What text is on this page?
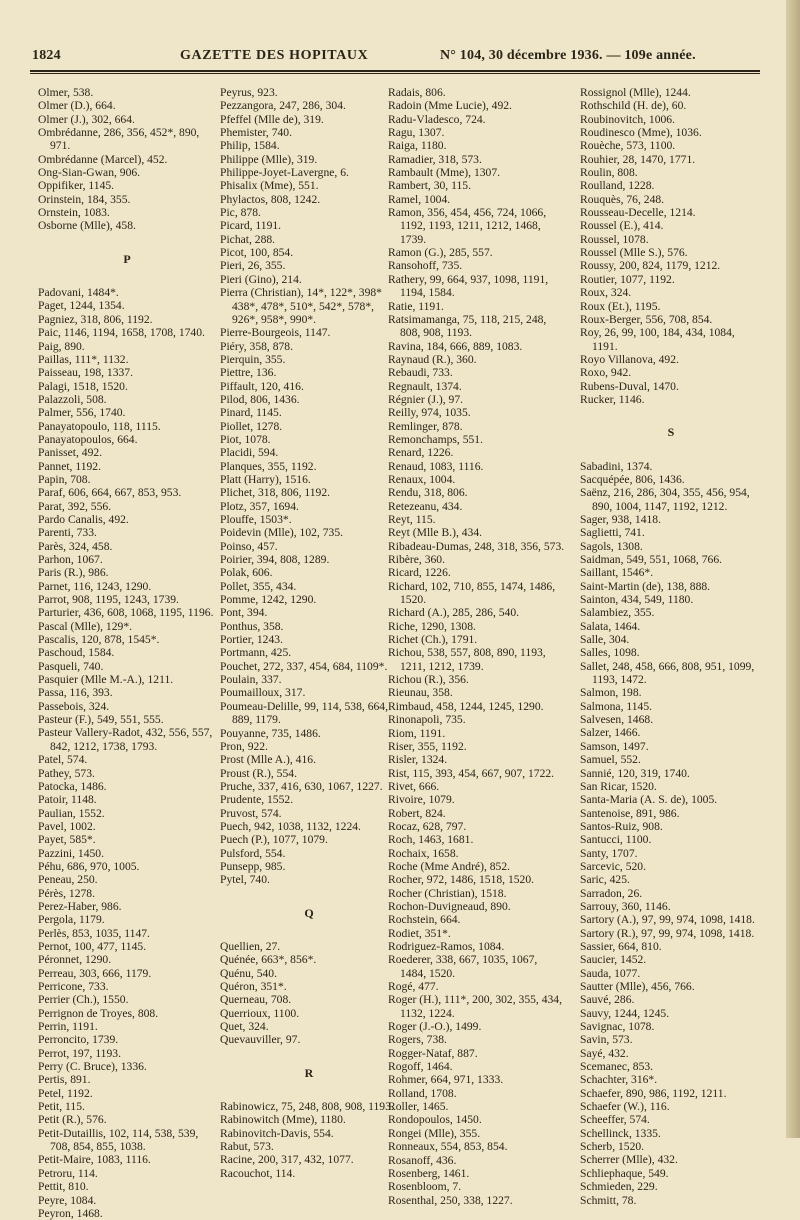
1824	GAZETTE DES HOPITAUX	N° 104, 30 décembre 1936. — 109e année.
Olmer, 538.
Olmer (D.), 664.
Olmer (J.), 302, 664.
Ombrédanne, 286, 356, 452*, 890, 971.
Ombrédanne (Marcel), 452.
Ong-Sian-Gwan, 906.
Oppifiker, 1145.
Orinstein, 184, 355.
Ornstein, 1083.
Osborne (Mlle), 458.
P
Padovani, 1484*.
Paget, 1244, 1354.
Pagniez, 318, 806, 1192.
Paic, 1146, 1194, 1658, 1708, 1740.
Paig, 890.
Paillas, 111*, 1132.
Paisseau, 198, 1337.
Palagi, 1518, 1520.
Palazzoli, 508.
Palmer, 556, 1740.
Panayatopoulo, 118, 1115.
Panayatopoulos, 664.
Panisset, 492.
Pannet, 1192.
Papin, 708.
Paraf, 606, 664, 667, 853, 953.
Parat, 392, 556.
Pardo Canalis, 492.
Parenti, 733.
Parès, 324, 458.
Parhon, 1067.
Paris (R.), 986.
Parnet, 116, 1243, 1290.
Parrot, 908, 1195, 1243, 1739.
Parturier, 436, 608, 1068, 1195, 1196.
Pascal (Mlle), 129*.
Pascalis, 120, 878, 1545*.
Paschoud, 1584.
Pasqueli, 740.
Pasquier (Mlle M.-A.), 1211.
Passa, 116, 393.
Passebois, 324.
Pasteur (F.), 549, 551, 555.
Pasteur Vallery-Radot, 432, 556, 557, 842, 1212, 1738, 1793.
Patel, 574.
Pathey, 573.
Patocka, 1486.
Patoir, 1148.
Paulian, 1552.
Pavel, 1002.
Payet, 585*.
Pazzini, 1450.
Péhu, 686, 970, 1005.
Peneau, 250.
Pérès, 1278.
Perez-Haber, 986.
Pergola, 1179.
Perlès, 853, 1035, 1147.
Pernot, 100, 477, 1145.
Péronnet, 1290.
Perreau, 303, 666, 1179.
Perricone, 733.
Perrier (Ch.), 1550.
Perrignon de Troyes, 808.
Perrin, 1191.
Perroncito, 1739.
Perrot, 197, 1193.
Perry (C. Bruce), 1336.
Pertis, 891.
Petel, 1192.
Petit, 115.
Petit (R.), 576.
Petit-Dutaillis, 102, 114, 538, 539, 708, 854, 855, 1038.
Petit-Maire, 1083, 1116.
Petroru, 114.
Pettit, 810.
Peyre, 1084.
Peyron, 1468.
Peyrus, 923.
Pezzangora, 247, 286, 304.
Pfeffel (Mlle de), 319.
Phemister, 740.
Philip, 1584.
Philippe (Mlle), 319.
Philippe-Joyet-Lavergne, 6.
Phisalix (Mme), 551.
Phylactos, 808, 1242.
Pic, 878.
Picard, 1191.
Pichat, 288.
Picot, 100, 854.
Pieri, 26, 355.
Pieri (Gino), 214.
Pierra (Christian), 14*, 122*, 398* 438*, 478*, 510*, 542*, 578*, 926*, 958*, 990*.
Pierre-Bourgeois, 1147.
Piéry, 358, 878.
Pierquin, 355.
Piettre, 136.
Piffault, 120, 416.
Pilod, 806, 1436.
Pinard, 1145.
Piollet, 1278.
Piot, 1078.
Placidi, 594.
Planques, 355, 1192.
Platt (Harry), 1516.
Plichet, 318, 806, 1192.
Plotz, 357, 1694.
Plouffe, 1503*.
Poidevin (Mlle), 102, 735.
Poinso, 457.
Poirier, 394, 808, 1289.
Polak, 606.
Pollet, 355, 434.
Pomme, 1242, 1290.
Pont, 394.
Ponthus, 358.
Portier, 1243.
Portmann, 425.
Pouchet, 272, 337, 454, 684, 1109*.
Poulain, 337.
Poumailloux, 317.
Poumeau-Delille, 99, 114, 538, 664, 889, 1179.
Pouyanne, 735, 1486.
Pron, 922.
Prost (Mlle A.), 416.
Proust (R.), 554.
Pruche, 337, 416, 630, 1067, 1227.
Prudente, 1552.
Pruvost, 574.
Puech, 942, 1038, 1132, 1224.
Puech (P.), 1077, 1079.
Pulsford, 554.
Punsepp, 985.
Pytel, 740.
Q
Quellien, 27.
Quénée, 663*, 856*.
Quénu, 540.
Quéron, 351*.
Querneau, 708.
Querrioux, 1100.
Quet, 324.
Quevauviller, 97.
R
Rabinowicz, 75, 248, 808, 908, 1193.
Rabinowitch (Mme), 1180.
Rabinovitch-Davis, 554.
Rabut, 573.
Racine, 200, 317, 432, 1077.
Racouchot, 114.
Radais, 806.
Radoin (Mme Lucie), 492.
Radu-Vladesco, 724.
Ragu, 1307.
Raiga, 1180.
Ramadier, 318, 573.
Rambault (Mme), 1307.
Rambert, 30, 115.
Ramel, 1004.
Ramon, 356, 454, 456, 724, 1066, 1192, 1193, 1211, 1212, 1468, 1739.
Ramon (G.), 285, 557.
Ransohoff, 735.
Rathery, 99, 664, 937, 1098, 1191, 1194, 1584.
Ratie, 1191.
Ratsimamanga, 75, 118, 215, 248, 808, 908, 1193.
Ravina, 184, 666, 889, 1083.
Raynaud (R.), 360.
Rebaudi, 733.
Regnault, 1374.
Régnier (J.), 97.
Reilly, 974, 1035.
Remlinger, 878.
Remonchamps, 551.
Renard, 1226.
Renaud, 1083, 1116.
Renaux, 1004.
Rendu, 318, 806.
Retezeanu, 434.
Reyt, 115.
Reyt (Mlle B.), 434.
Ribadeau-Dumas, 248, 318, 356, 573.
Ribère, 360.
Ricard, 1226.
Richard, 102, 710, 855, 1474, 1486, 1520.
Richard (A.), 285, 286, 540.
Riche, 1290, 1308.
Richet (Ch.), 1791.
Richou, 538, 557, 808, 890, 1193, 1211, 1212, 1739.
Richou (R.), 356.
Rieunau, 358.
Rimbaud, 458, 1244, 1245, 1290.
Rinonapoli, 735.
Riom, 1191.
Riser, 355, 1192.
Risler, 1324.
Rist, 115, 393, 454, 667, 907, 1722.
Rivet, 666.
Rivoire, 1079.
Robert, 824.
Rocaz, 628, 797.
Roch, 1463, 1681.
Rochaix, 1658.
Roche (Mme André), 852.
Rocher, 972, 1486, 1518, 1520.
Rocher (Christian), 1518.
Rochon-Duvigneaud, 890.
Rochstein, 664.
Rodiet, 351*.
Rodriguez-Ramos, 1084.
Roederer, 338, 667, 1035, 1067, 1484, 1520.
Rogé, 477.
Roger (H.), 111*, 200, 302, 355, 434, 1132, 1224.
Roger (J.-O.), 1499.
Rogers, 738.
Rogger-Nataf, 887.
Rogoff, 1464.
Rohmer, 664, 971, 1333.
Rolland, 1708.
Roller, 1465.
Rondopoulos, 1450.
Rongei (Mlle), 355.
Ronneaux, 554, 853, 854.
Rosanoff, 436.
Rosenberg, 1461.
Rosenbloom, 7.
Rosenthal, 250, 338, 1227.
Rossignol (Mlle), 1244.
Rothschild (H. de), 60.
Roubinovitch, 1006.
Roudinesco (Mme), 1036.
Rouèche, 573, 1100.
Rouhier, 28, 1470, 1771.
Roulin, 808.
Roulland, 1228.
Rouquès, 76, 248.
Rousseau-Decelle, 1214.
Roussel (E.), 414.
Roussel, 1078.
Roussel (Mlle S.), 576.
Roussy, 200, 824, 1179, 1212.
Routier, 1077, 1192.
Roux, 324.
Roux (Et.), 1195.
Roux-Berger, 556, 708, 854.
Roy, 26, 99, 100, 184, 434, 1084, 1191.
Royo Villanova, 492.
Roxo, 942.
Rubens-Duval, 1470.
Rucker, 1146.
S
Sabadini, 1374.
Sacquépée, 806, 1436.
Saënz, 216, 286, 304, 355, 456, 954, 890, 1004, 1147, 1192, 1212.
Sager, 938, 1418.
Saglietti, 741.
Sagols, 1308.
Saidman, 549, 551, 1068, 766.
Saillant, 1546*.
Saint-Martin (de), 138, 888.
Sainton, 434, 549, 1180.
Salambiez, 355.
Salata, 1464.
Salle, 304.
Salles, 1098.
Sallet, 248, 458, 666, 808, 951, 1099, 1193, 1472.
Salmon, 198.
Salmona, 1145.
Salvesen, 1468.
Salzer, 1466.
Samson, 1497.
Samuel, 552.
Sannié, 120, 319, 1740.
San Ricar, 1520.
Santa-Maria (A. S. de), 1005.
Santenoise, 891, 986.
Santos-Ruiz, 908.
Santucci, 1100.
Santy, 1707.
Sarcevic, 520.
Saric, 425.
Sarradon, 26.
Sarrouy, 360, 1146.
Sartory (A.), 97, 99, 974, 1098, 1418.
Sartory (R.), 97, 99, 974, 1098, 1418.
Sassier, 664, 810.
Saucier, 1452.
Sauda, 1077.
Sautter (Mlle), 456, 766.
Sauvé, 286.
Sauvy, 1244, 1245.
Savignac, 1078.
Savin, 573.
Sayé, 432.
Scemanec, 853.
Schachter, 316*.
Schaefer, 890, 986, 1192, 1211.
Schaefer (W.), 116.
Scheeffer, 574.
Schellinck, 1335.
Scherb, 1520.
Scherrer (Mlle), 432.
Schliephaque, 549.
Schmieden, 229.
Schmitt, 78.
